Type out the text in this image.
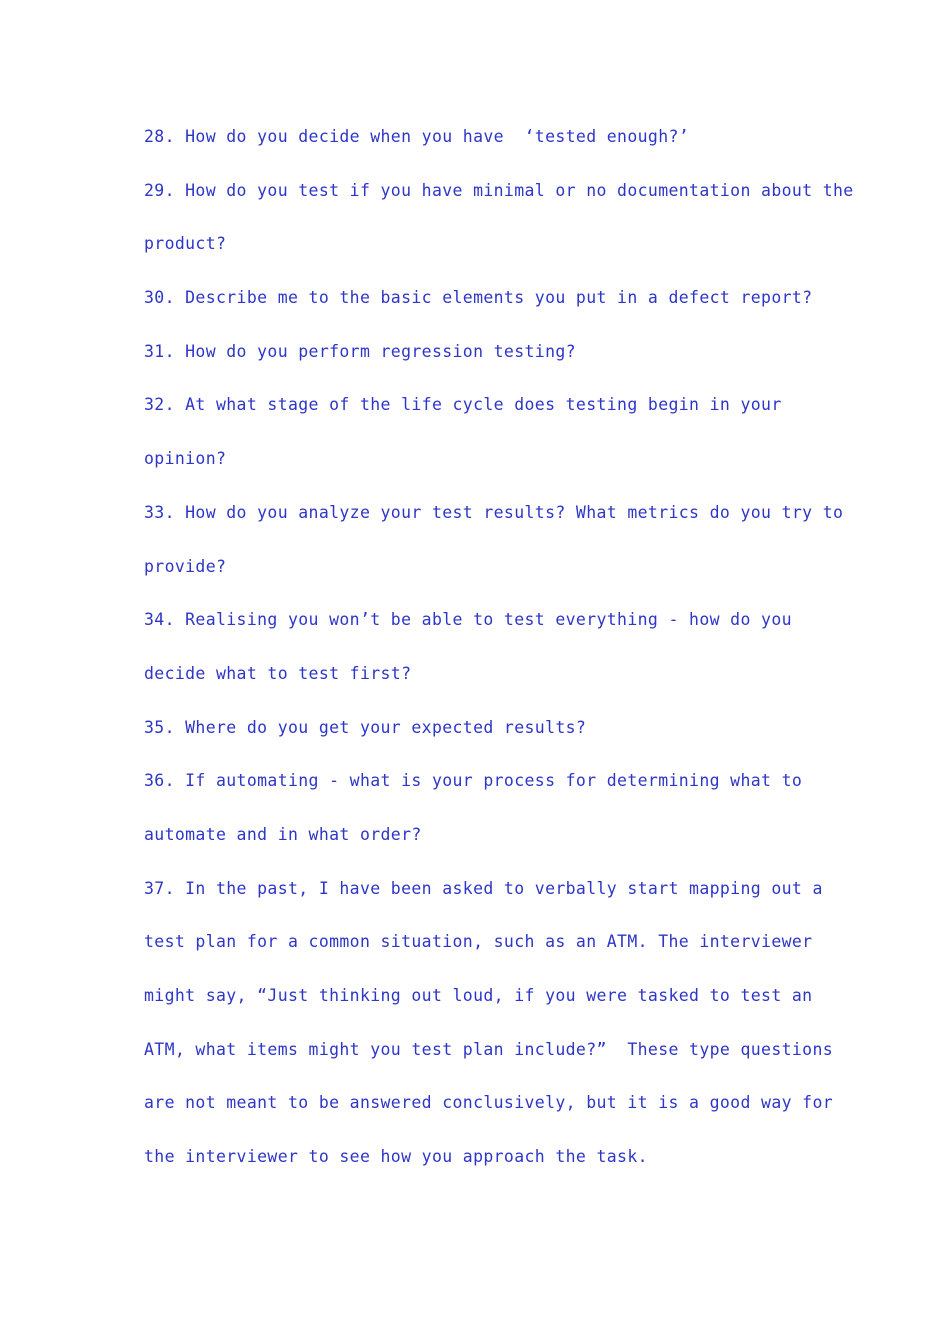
28. How do you decide when you have  ‘tested enough?’
29. How do you test if you have minimal or no documentation about the
product?
30. Describe me to the basic elements you put in a defect report?
31. How do you perform regression testing?
32. At what stage of the life cycle does testing begin in your
opinion?
33. How do you analyze your test results? What metrics do you try to
provide?
34. Realising you won’t be able to test everything - how do you
decide what to test first?
35. Where do you get your expected results?
36. If automating - what is your process for determining what to
automate and in what order?
37. In the past, I have been asked to verbally start mapping out a
test plan for a common situation, such as an ATM. The interviewer
might say, “Just thinking out loud, if you were tasked to test an
ATM, what items might you test plan include?”  These type questions
are not meant to be answered conclusively, but it is a good way for
the interviewer to see how you approach the task.
